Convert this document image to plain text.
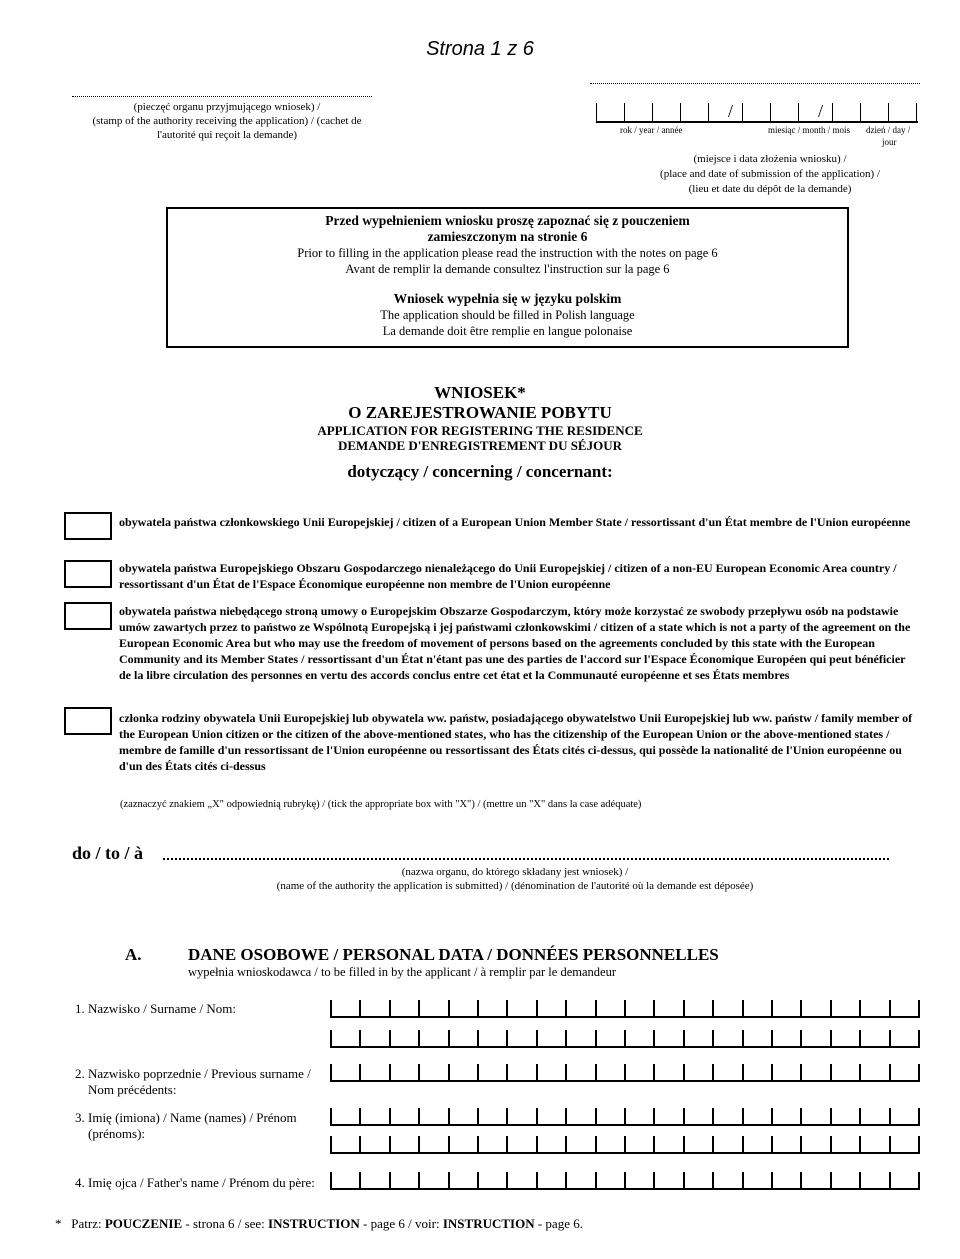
Strona 1 z 6
(pieczęć organu przyjmującego wniosek) /
(stamp of the authority receiving the application) / (cachet de
l'autorité qui reçoit la demande)
/	/
rok / year / année	miesiąc / month / mois dzień / day /
jour
(miejsce i data złożenia wniosku) /
(place and date of submission of the application) /
(lieu et date du dépôt de la demande)
Przed wypełnieniem wniosku proszę zapoznać się z pouczeniem
zamieszczonym na stronie 6
Prior to filling in the application please read the instruction with the notes on page 6
Avant de remplir la demande consultez l'instruction sur la page 6
Wniosek wypełnia się w języku polskim
The application should be filled in Polish language
La demande doit être remplie en langue polonaise
WNIOSEK*
O ZAREJESTROWANIE POBYTU
APPLICATION FOR REGISTERING THE RESIDENCE
DEMANDE D'ENREGISTREMENT DU SÉJOUR
dotyczący / concerning / concernant:
obywatela państwa członkowskiego Unii Europejskiej / citizen of a European Union Member State / ressortissant d'un État membre de l'Union européenne
obywatela państwa Europejskiego Obszaru Gospodarczego nienależącego do Unii Europejskiej / citizen of a non-EU European Economic Area country / ressortissant d'un État de l'Espace Économique européenne non membre de l'Union européenne
obywatela państwa niebędącego stroną umowy o Europejskim Obszarze Gospodarczym, który może korzystać ze swobody przepływu osób na podstawie umów zawartych przez to państwo ze Wspólnotą Europejską i jej państwami członkowskimi / citizen of a state which is not a party of the agreement on the European Economic Area but who may use the freedom of movement of persons based on the agreements concluded by this state with the European Community and its Member States / ressortissant d'un État n'étant pas une des parties de l'accord sur l'Espace Économique Européen qui peut bénéficier de la libre circulation des personnes en vertu des accords conclus entre cet état et la Communauté européenne et ses États membres
członka rodziny obywatela Unii Europejskiej lub obywatela ww. państw, posiadającego obywatelstwo Unii Europejskiej lub ww. państw / family member of the European Union citizen or the citizen of the above-mentioned states, who has the citizenship of the European Union or the above-mentioned states / membre de famille d'un ressortissant de l'Union européenne ou ressortissant des États cités ci-dessus, qui possède la nationalité de l'Union européenne ou d'un des États cités ci-dessus
(zaznaczyć znakiem „X" odpowiednią rubrykę) / (tick the appropriate box with "X") / (mettre un "X" dans la case adéquate)
do / to / à
(nazwa organu, do którego składany jest wniosek) /
(name of the authority the application is submitted) / (dénomination de l'autorité où la demande est déposée)
A.	DANE OSOBOWE / PERSONAL DATA / DONNÉES PERSONNELLES
wypełnia wnioskodawca / to be filled in by the applicant / à remplir par le demandeur
1. Nazwisko / Surname / Nom:
2. Nazwisko poprzednie / Previous surname /
Nom précédents:
3. Imię (imiona) / Name (names) / Prénom
(prénoms):
4. Imię ojca / Father's name / Prénom du père:
* Patrz: POUCZENIE - strona 6 / see: INSTRUCTION - page 6 / voir: INSTRUCTION - page 6.
